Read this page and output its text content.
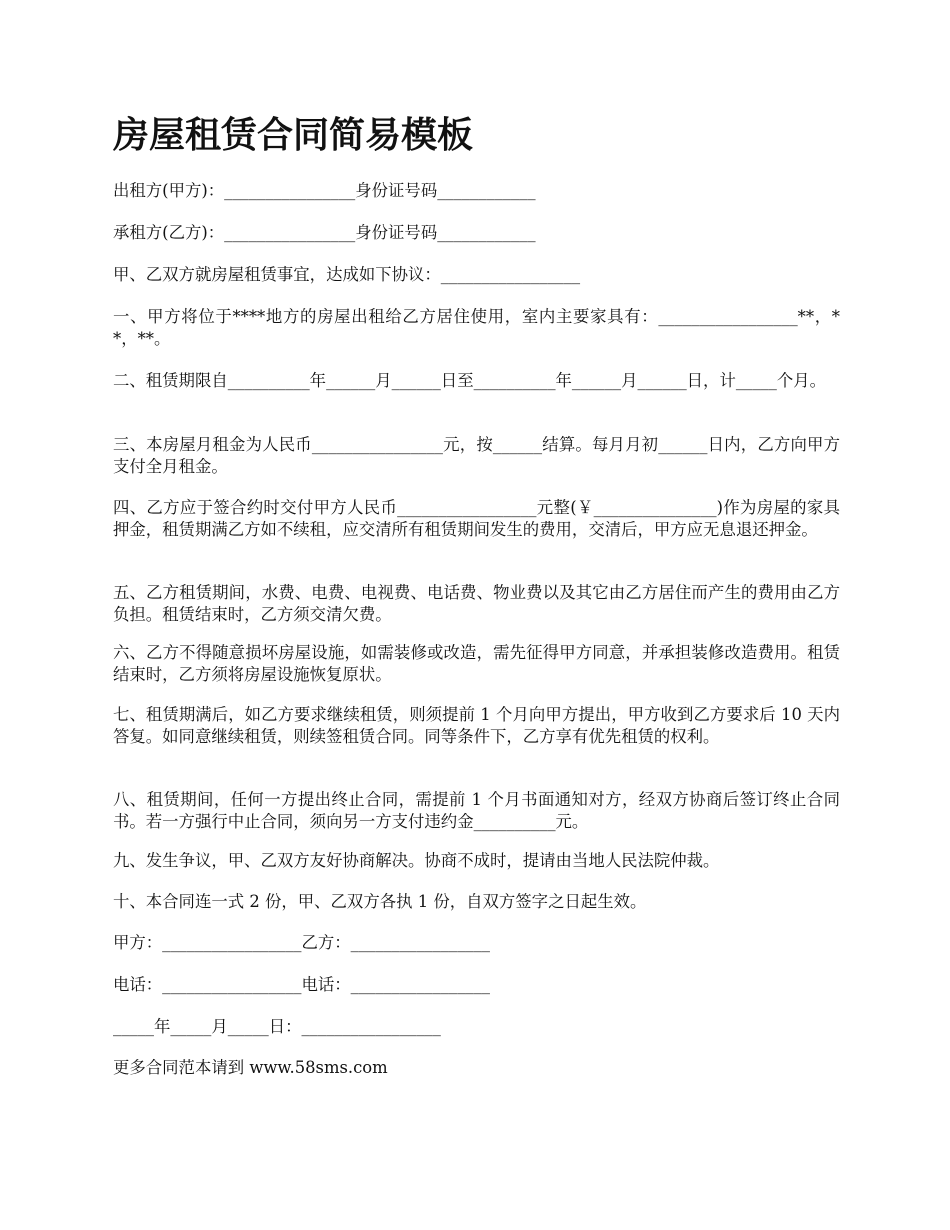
房屋租赁合同简易模板

出租方(甲方)：________________身份证号码____________

承租方(乙方)：________________身份证号码____________

甲、乙双方就房屋租赁事宜，达成如下协议：_________________

一、甲方将位于****地方的房屋出租给乙方居住使用，室内主要家具有：_________________**，**，**。

二、租赁期限自__________年______月______日至__________年______月______日，计_____个月。

三、本房屋月租金为人民币________________元，按______结算。每月月初______日内，乙方向甲方支付全月租金。

四、乙方应于签合约时交付甲方人民币_________________元整(￥_______________)作为房屋的家具押金，租赁期满乙方如不续租，应交清所有租赁期间发生的费用，交清后，甲方应无息退还押金。

五、乙方租赁期间，水费、电费、电视费、电话费、物业费以及其它由乙方居住而产生的费用由乙方负担。租赁结束时，乙方须交清欠费。

六、乙方不得随意损坏房屋设施，如需装修或改造，需先征得甲方同意，并承担装修改造费用。租赁结束时，乙方须将房屋设施恢复原状。

七、租赁期满后，如乙方要求继续租赁，则须提前 1 个月向甲方提出，甲方收到乙方要求后 10 天内答复。如同意继续租赁，则续签租赁合同。同等条件下，乙方享有优先租赁的权利。

八、租赁期间，任何一方提出终止合同，需提前 1 个月书面通知对方，经双方协商后签订终止合同书。若一方强行中止合同，须向另一方支付违约金__________元。

九、发生争议，甲、乙双方友好协商解决。协商不成时，提请由当地人民法院仲裁。

十、本合同连一式 2 份，甲、乙双方各执 1 份，自双方签字之日起生效。

甲方：_________________乙方：_________________

电话：_________________电话：_________________

_____年_____月_____日：_________________

更多合同范本请到 www.58sms.com
